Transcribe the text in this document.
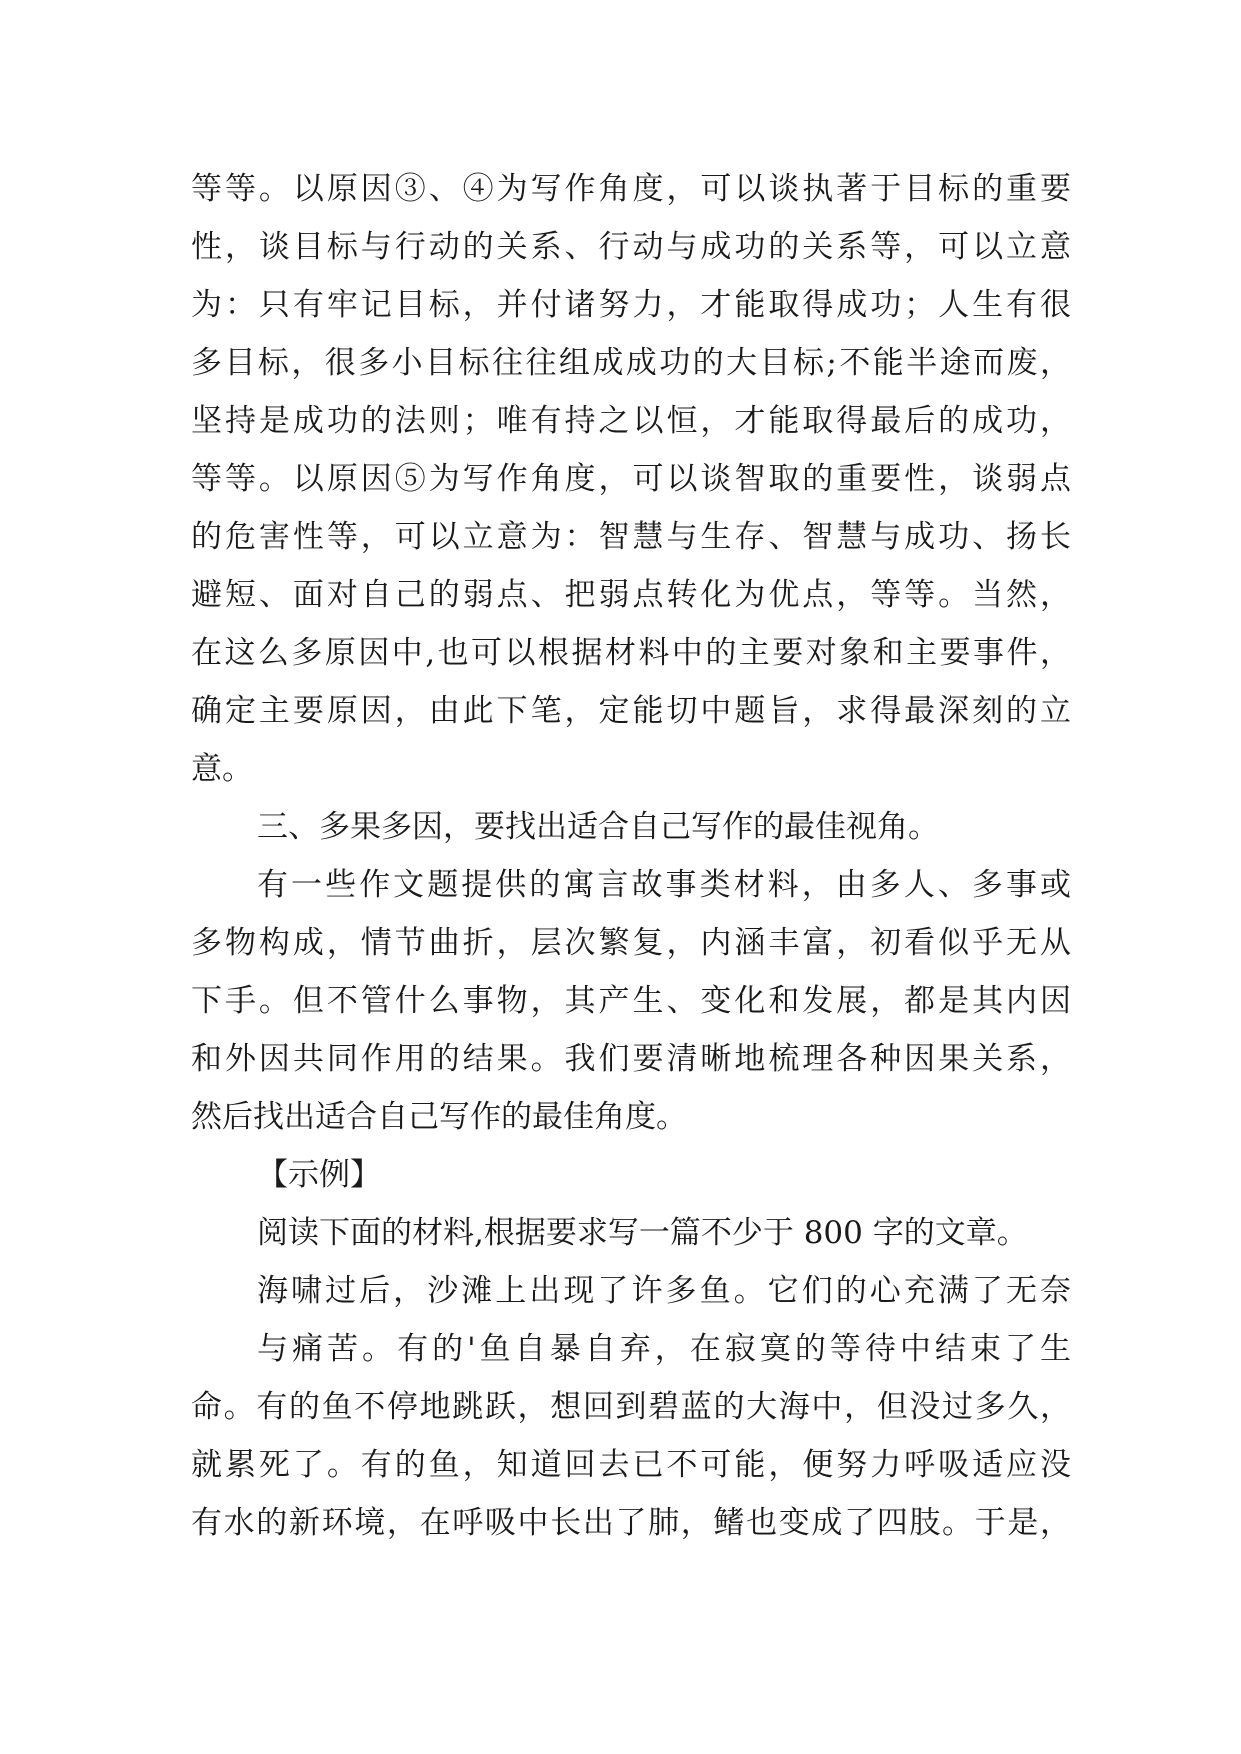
等等。以原因③、④为写作角度，可以谈执著于目标的重要
性，谈目标与行动的关系、行动与成功的关系等，可以立意
为：只有牢记目标，并付诸努力，才能取得成功；人生有很
多目标，很多小目标往往组成成功的大目标;不能半途而废，
坚持是成功的法则；唯有持之以恒，才能取得最后的成功，
等等。以原因⑤为写作角度，可以谈智取的重要性，谈弱点
的危害性等，可以立意为：智慧与生存、智慧与成功、扬长
避短、面对自己的弱点、把弱点转化为优点，等等。当然，
在这么多原因中,也可以根据材料中的主要对象和主要事件，
确定主要原因，由此下笔，定能切中题旨，求得最深刻的立
意。
三、多果多因，要找出适合自己写作的最佳视角。
有一些作文题提供的寓言故事类材料，由多人、多事或
多物构成，情节曲折，层次繁复，内涵丰富，初看似乎无从
下手。但不管什么事物，其产生、变化和发展，都是其内因
和外因共同作用的结果。我们要清晰地梳理各种因果关系，
然后找出适合自己写作的最佳角度。
【示例】
阅读下面的材料,根据要求写一篇不少于 800 字的文章。
海啸过后，沙滩上出现了许多鱼。它们的心充满了无奈
与痛苦。有的'鱼自暴自弃，在寂寞的等待中结束了生
命。有的鱼不停地跳跃，想回到碧蓝的大海中，但没过多久，
就累死了。有的鱼，知道回去已不可能，便努力呼吸适应没
有水的新环境，在呼吸中长出了肺，鳍也变成了四肢。于是，
